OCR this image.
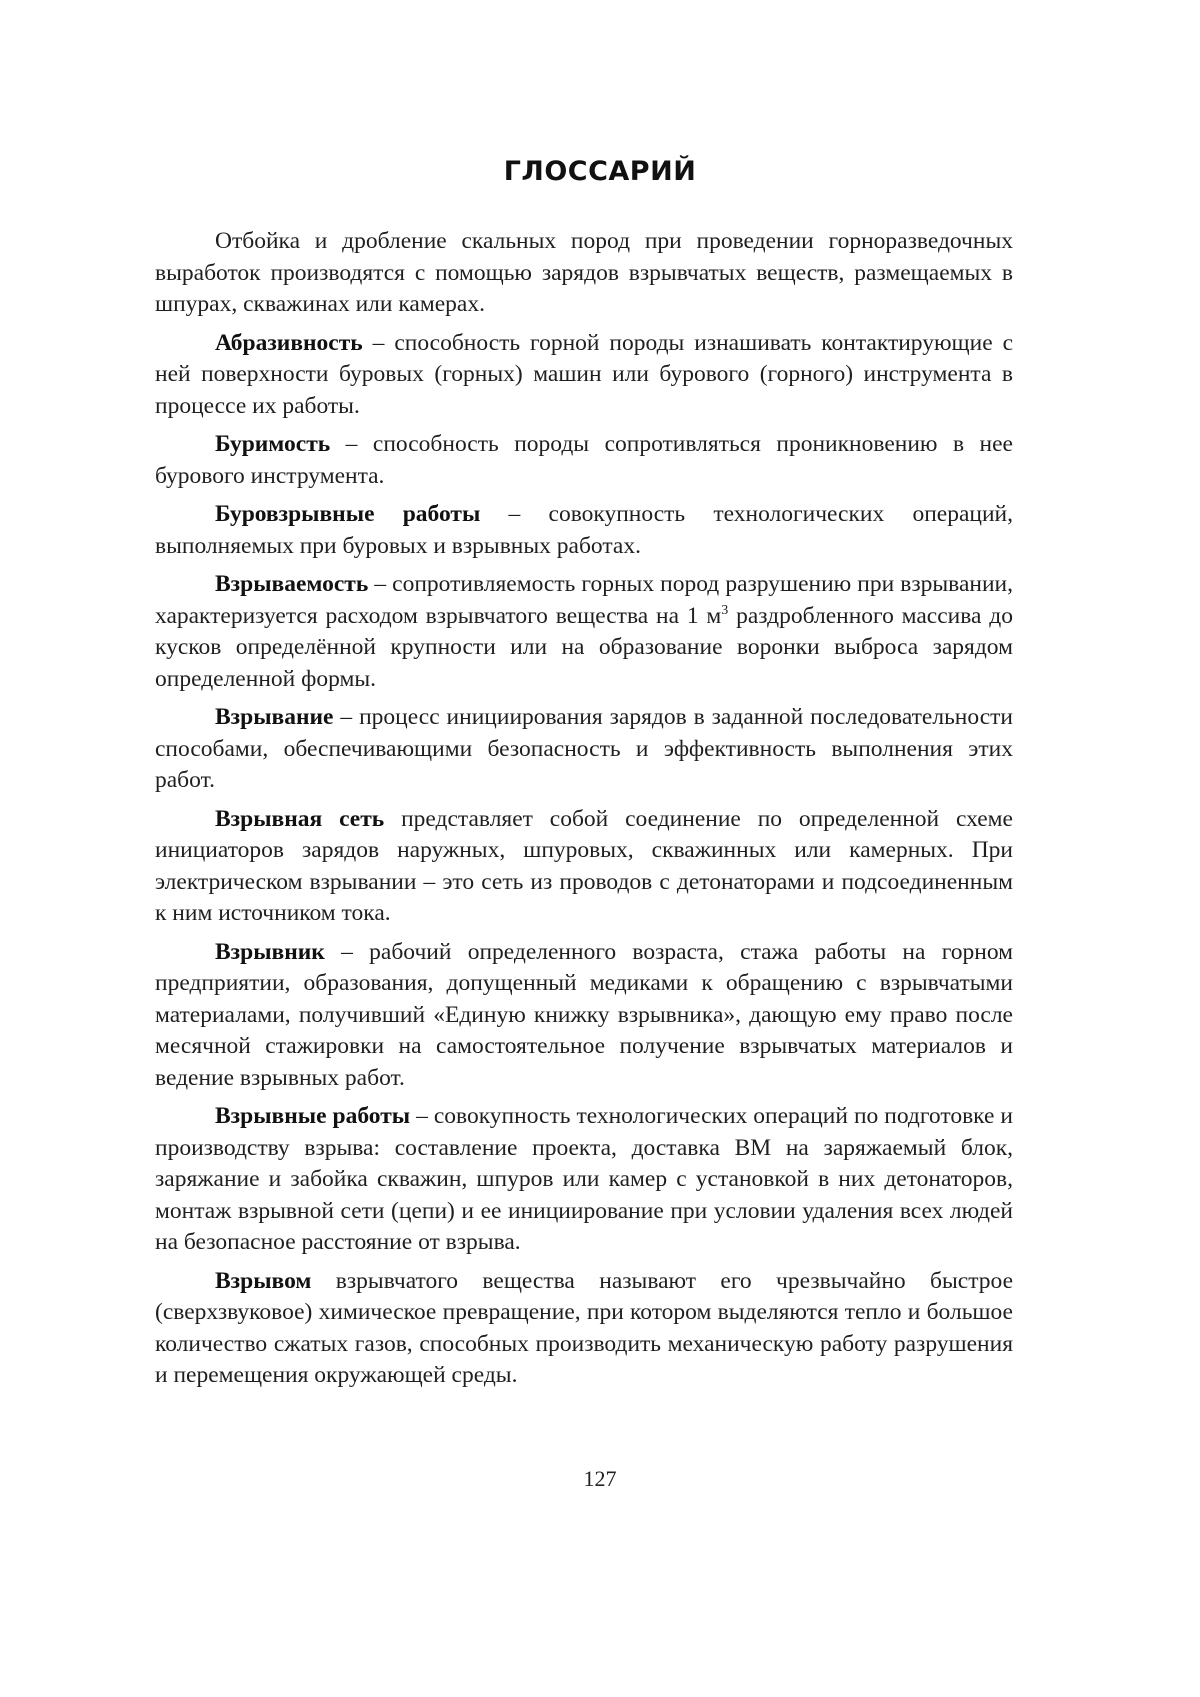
ГЛОССАРИЙ

Отбойка и дробление скальных пород при проведении горноразведочных выработок производятся с помощью зарядов взрывчатых веществ, размещаемых в шпурах, скважинах или камерах.

Абразивность – способность горной породы изнашивать контактирующие с ней поверхности буровых (горных) машин или бурового (горного) инструмента в процессе их работы.

Буримость – способность породы сопротивляться проникновению в нее бурового инструмента.

Буровзрывные работы – совокупность технологических операций, выполняемых при буровых и взрывных работах.

Взрываемость – сопротивляемость горных пород разрушению при взрывании, характеризуется расходом взрывчатого вещества на 1 м3 раздробленного массива до кусков определённой крупности или на образование воронки выброса зарядом определенной формы.

Взрывание – процесс инициирования зарядов в заданной последовательности способами, обеспечивающими безопасность и эффективность выполнения этих работ.

Взрывная сеть представляет собой соединение по определенной схеме инициаторов зарядов наружных, шпуровых, скважинных или камерных. При электрическом взрывании – это сеть из проводов с детонаторами и подсоединенным к ним источником тока.

Взрывник – рабочий определенного возраста, стажа работы на горном предприятии, образования, допущенный медиками к обращению с взрывчатыми материалами, получивший «Единую книжку взрывника», дающую ему право после месячной стажировки на самостоятельное получение взрывчатых материалов и ведение взрывных работ.

Взрывные работы – совокупность технологических операций по подготовке и производству взрыва: составление проекта, доставка ВМ на заряжаемый блок, заряжание и забойка скважин, шпуров или камер с установкой в них детонаторов, монтаж взрывной сети (цепи) и ее инициирование при условии удаления всех людей на безопасное расстояние от взрыва.

Взрывом взрывчатого вещества называют его чрезвычайно быстрое (сверхзвуковое) химическое превращение, при котором выделяются тепло и большое количество сжатых газов, способных производить механическую работу разрушения и перемещения окружающей среды.

127
